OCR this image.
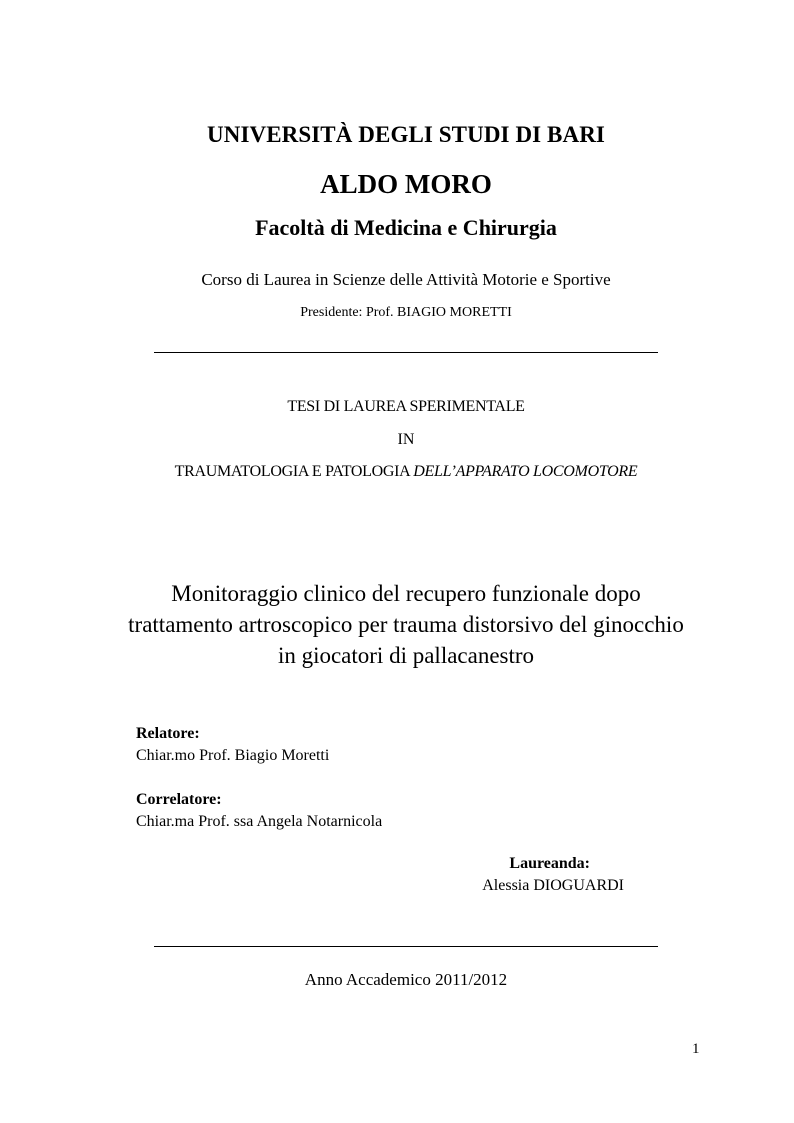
UNIVERSITÀ DEGLI STUDI DI BARI
ALDO MORO
Facoltà di Medicina e Chirurgia
Corso di Laurea in Scienze delle Attività Motorie e Sportive
Presidente: Prof. BIAGIO MORETTI
TESI DI LAUREA SPERIMENTALE
IN
TRAUMATOLOGIA E PATOLOGIA DELL’APPARATO LOCOMOTORE
Monitoraggio clinico del recupero funzionale dopo
trattamento artroscopico per trauma distorsivo del ginocchio
in giocatori di pallacanestro
Relatore:
Chiar.mo Prof. Biagio Moretti
Correlatore:
Chiar.ma Prof. ssa Angela Notarnicola
Laureanda:
Alessia DIOGUARDI
Anno Accademico 2011/2012
1
